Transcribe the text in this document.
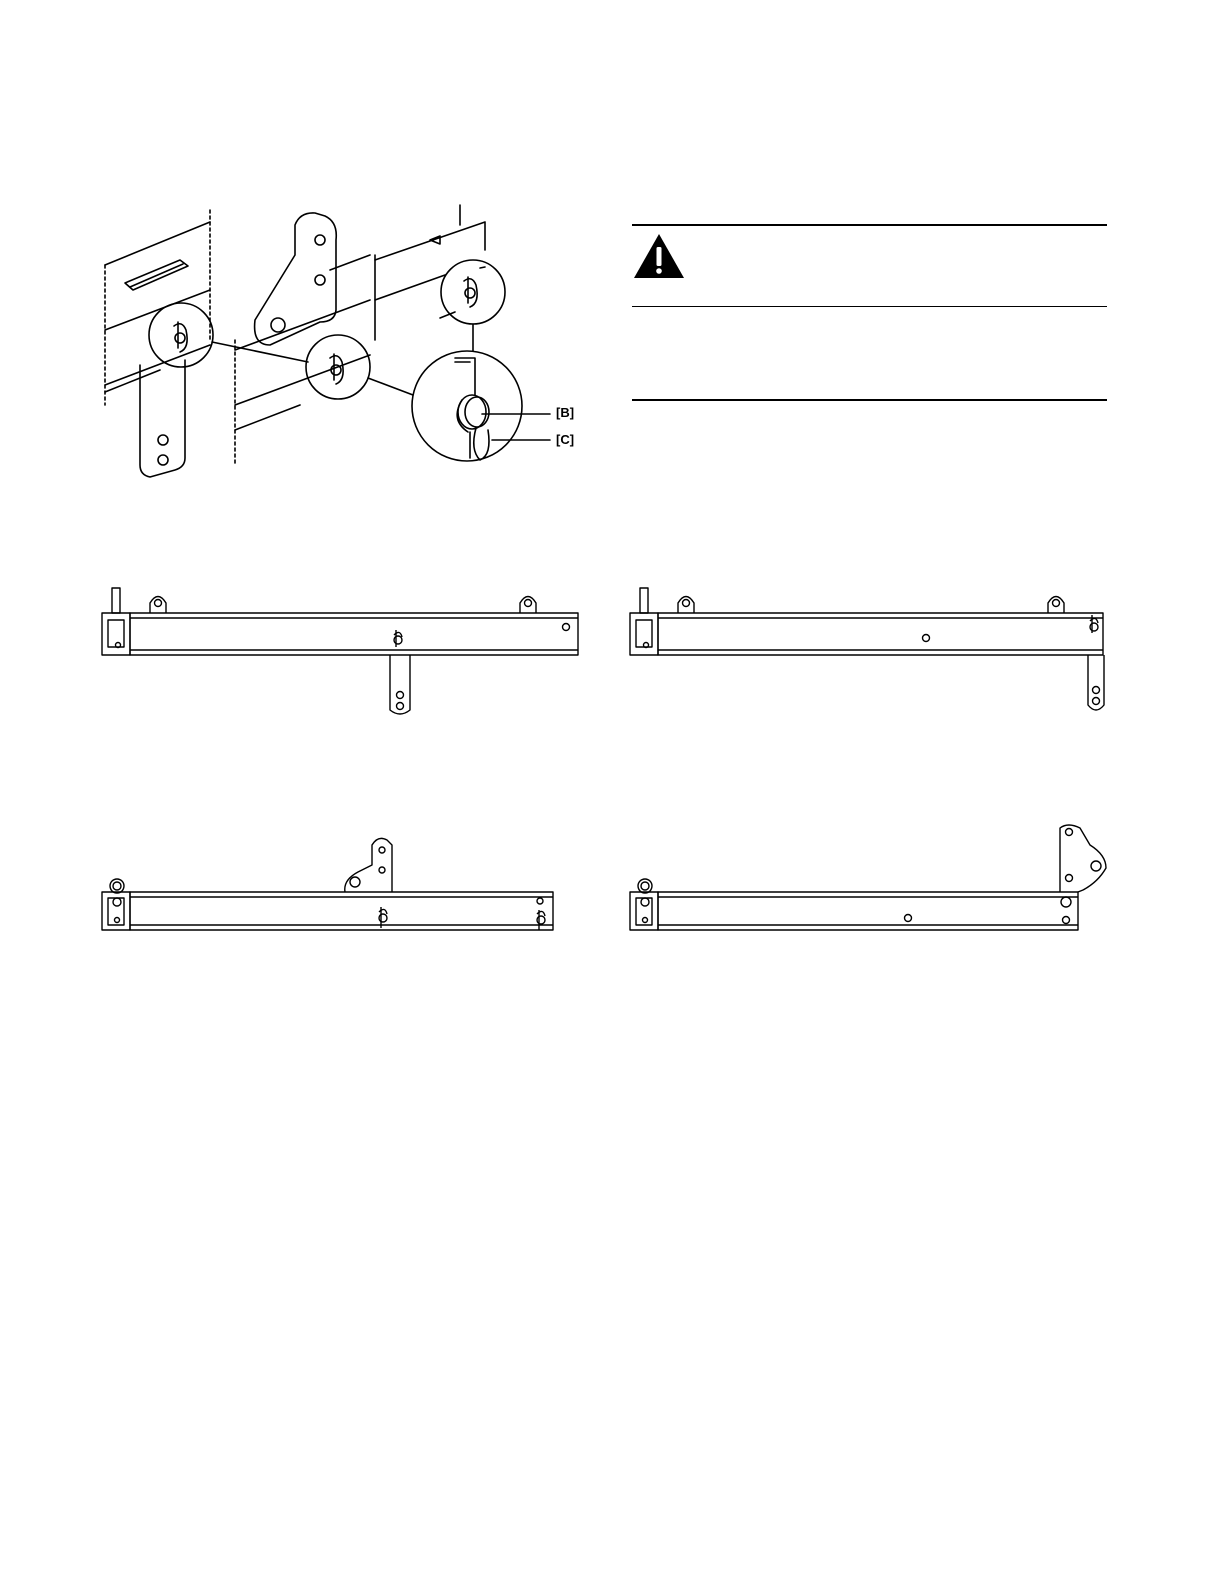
[B]
[C]
